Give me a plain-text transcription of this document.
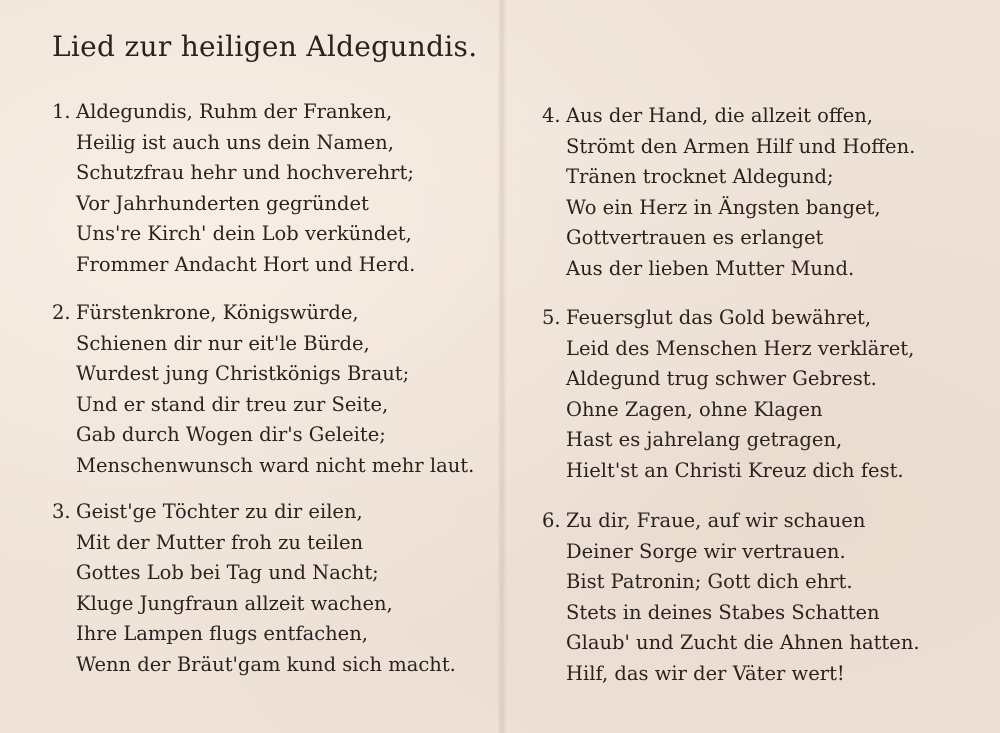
Lied zur heiligen Aldegundis.
1. Aldegundis, Ruhm der Franken,
Heilig ist auch uns dein Namen,
Schutzfrau hehr und hochverehrt;
Vor Jahrhunderten gegründet
Uns're Kirch' dein Lob verkündet,
Frommer Andacht Hort und Herd.
2. Fürstenkrone, Königswürde,
Schienen dir nur eit'le Bürde,
Wurdest jung Christkönigs Braut;
Und er stand dir treu zur Seite,
Gab durch Wogen dir's Geleite;
Menschenwunsch ward nicht mehr laut.
3. Geist'ge Töchter zu dir eilen,
Mit der Mutter froh zu teilen
Gottes Lob bei Tag und Nacht;
Kluge Jungfraun allzeit wachen,
Ihre Lampen flugs entfachen,
Wenn der Bräut'gam kund sich macht.
4. Aus der Hand, die allzeit offen,
Strömt den Armen Hilf und Hoffen.
Tränen trocknet Aldegund;
Wo ein Herz in Ängsten banget,
Gottvertrauen es erlanget
Aus der lieben Mutter Mund.
5. Feuersglut das Gold bewähret,
Leid des Menschen Herz verkläret,
Aldegund trug schwer Gebrest.
Ohne Zagen, ohne Klagen
Hast es jahrelang getragen,
Hielt'st an Christi Kreuz dich fest.
6. Zu dir, Fraue, auf wir schauen
Deiner Sorge wir vertrauen.
Bist Patronin; Gott dich ehrt.
Stets in deines Stabes Schatten
Glaub' und Zucht die Ahnen hatten.
Hilf, das wir der Väter wert!
